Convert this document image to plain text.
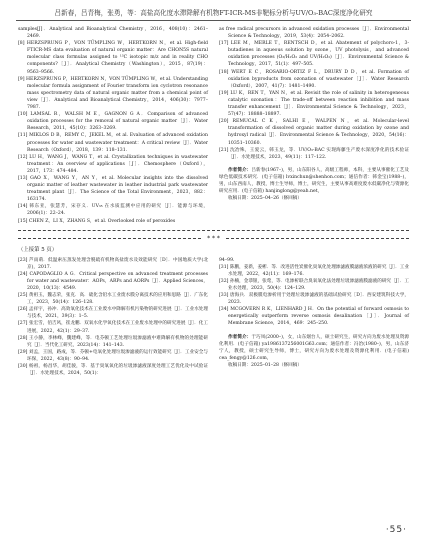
吕新春，吕青梅，张勇，等：高盐高化度水滞降解有机物FT-ICR-MS非靶标分析与UV/O₃-BAC深度净化研究

samples[J]．Analytical and Bioanalytical Chemistry，2016，408(10)：2461–2469.

[8] HERZSPRUNG P，VON TÜMPLING W，HERTKORN N，et al. High-field FTICR-MS data evaluation of natural organic matter：Are CHON5S natural molecular class formulas assigned to ¹³C isotopic m/z and in reality CHO components?［J］．Analytical Chemistry（Washington），2015，87(19)：9563–9566.

[9] HERZSPRUNG P，HERTKORN N，VON TÜMPLING W，et al. Understanding molecular formula assignment of Fourier transform ion cyclotron resonance mass spectrometry data of natural organic matter from a chemical point of view［J］．Analytical and Bioanalytical Chemistry，2014，406(30)：7977–7987.

[10] LAMSAL R，WALSH M E，GAGNON G A．Comparison of advanced oxidation processes for the removal of natural organic matter［J］．Water Research，2011，45(10)：3263–3269.

[11] MIKLOS D B，REMY C，JEKEL M，et al. Evaluation of advanced oxidation processes for water and wastewater treatment：A critical review［J］．Water Research（Oxford），2018，139：118–131.

[12] LU H，WANG J，WANG T，et al. Crystallization techniques in wastewater treatment：An overview of applications［J］．Chemosphere（Oxford），2017，173：474–484.

[13] GAO X，WANG Y，AN Y，et al. Molecular insights into the dissolved organic matter of leather wastewater in leather industrial park wastewater treatment plant［J］．The Science of the Total Environment，2023，882：163174.

[14] 韩东亚，张慧芳，宋存义．UV₃₅ 在水质监测中应用的研究［J］．能源与环境，2006(1)：22–24.

[15] CHEN Z，LI X，ZHANG S，et al. Overlooked role of peroxides

as free radical precursors in advanced oxidation processes［J］．Environmental Science & Technology，2019，53(4)：2054–2062.

[17] LEE M，MERLE T，RENTSCH D，et al. Abatement of polychoro-1，3-butadienes in aqueous solution by ozone，UV photolysis，and advanced oxidation processes (O₃/H₂O₂ and UV/H₂O₂)［J］．Environmental Science & Technology，2017，51(1)：497–505.

[18] WERT E C，ROSARIO-ORTIZ F L，DRURY D D，et al. Formation of oxidation byproducts from ozonation of wastewater［J］．Water Research（Oxford），2007，41(7)：1481–1490.

[19] LU K，REN T，YAN N，et al. Revisit the role of salinity in heterogeneous catalytic ozonation：The trade-off between reaction inhibition and mass transfer enhancement［J］．Environmental Science & Technology，2023，57(47)：18888–18897.

[20] REMUCAL C K，SALHI E，WALPEN N，et al. Molecular-level transformation of dissolved organic matter during oxidation by ozone and hydroxyl radical［J］．Environmental Science & Technology，2020，54(16)：10351–10360.

[21] 沈冶殊，王爱云，韩玉龙，等．UV/O₃-BAC 实现海藤生产废水深度净化的技术验证［J］．水处理技术，2023，49(11)：117–122.

作者简介：吕新春(1967–)，男，山东阳谷人，高级工程师，本科，主要从事催化工艺及绿色低碳技术研究．(电子信箱) lvxinchun@shenhon.com；通信作者：韩金宝(1988–)，男，山东西南人，教授，博士生导师，博士，研究生，主要从事高难度废水低碳净化与资源化研究应用．(电子信箱) hanjinglong@yeah.net，

收稿日期：2025–04–26（修回稿）

* * *
（上接第 5 页）

[23] 芦雨萌．低温索压蒸发处理含脱硫有机物高盐废水及效能研究［D］．中国地质大学(北京)，2017.

[24] CAPODAGLIO A G．Critical perspective on advanced treatment processes for water and wastewater：AOPs，ARPs and AORPs［J］．Applied Sciences，2020，10(13)：4549.

[25] 黄祖玉，魏志荣，张克．高．硫化含铅水工业废水膜分离技术的应用和思路［J］．广东化工，2023，50(14)：126–128.

[26] 孟祥宇，孙冲．高效氧化技术在工业废水中降解有机污染物的研究进展［J］．工业水处理与技术，2021，39(3)：1–5.

[27] 张宏雪，佰吉风，崔龙鹏．双氧水化学氧化技术在工业废水处理中的研究进展［J］．化工进展，2022，42(1)：29–37.

[28] 王小静，李林峰，魏建峰，等．电芬顿工艺处理垃圾渗滤液中难降解有机物的处理能研究［J］．当代化工研究，2023(14)：141–143.

[29] 刘孟，王国，路成，等．芬顿+电氧化处理垃圾渗滤液的运行效能研究［J］．工业安全与环保，2022，43(8)：90–94.

[30] 杨祖，杨昌华，胡佳骏，等．基于臭氧氧化的垃圾渗滤液深度处理工艺优化及中试验证［J］．水处理技术，2024，50(1)：

94–99.

[31] 陈鹏，姜新，姜彬．等．改进活性炭催化臭氧化处理渗滤液膜滤液浓液的研究［J］．工业水处理，2022，42(11)：169–176.

[32] 孙楠，金恭银，张莺，等．电渗析联合臭氧氧化法处理垃圾渗滤液膜滤液的研究［J］．工业水处理，2023，50(4)：124–129.

[33] 唐海兵．双极膜电渗析用于处理垃圾渗滤液的基础试验研究［D］．西安建筑科技大学，2023.

[34] MCGOVERN R K，LIENHARD J H．On the potential of forward osmosis to energetically outperform reverse osmosis desalination［J］．Journal of Membrane Science，2014，469：245–250.

作者简介：于巧凤(2000–)，女，山东烟台人，硕士研究生，研究方向为废水处理及资源化利用．(电子信箱) ya1986137256001G63.com；通信作者：冯治(1980–)，男，山东济宁人，教授，硕士研究生导师，博士，研究方向为废水处理及资源化利用．(电子信箱) cea_fengy@126.com，

收稿日期：2025–01–28（修回稿）

·55·
